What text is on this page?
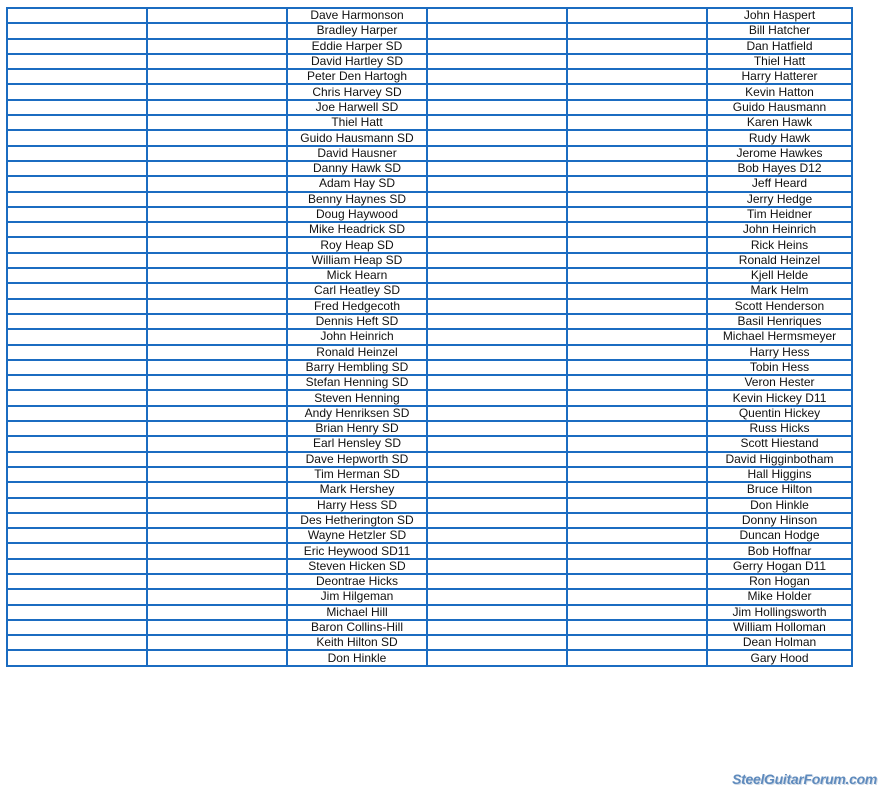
		Dave Harmonson			John Haspert
		Bradley Harper			Bill Hatcher
		Eddie Harper SD			Dan Hatfield
		David Hartley SD			Thiel Hatt
		Peter Den Hartogh			Harry Hatterer
		Chris Harvey SD			Kevin Hatton
		Joe Harwell SD			Guido Hausmann
		Thiel Hatt			Karen Hawk
		Guido Hausmann SD			Rudy Hawk
		David Hausner			Jerome Hawkes
		Danny Hawk SD			Bob Hayes D12
		Adam Hay SD			Jeff Heard
		Benny Haynes SD			Jerry Hedge
		Doug Haywood			Tim Heidner
		Mike Headrick SD			John Heinrich
		Roy Heap SD			Rick Heins
		William Heap SD			Ronald Heinzel
		Mick Hearn			Kjell Helde
		Carl Heatley SD			Mark Helm
		Fred Hedgecoth			Scott Henderson
		Dennis Heft SD			Basil Henriques
		John Heinrich			Michael Hermsmeyer
		Ronald Heinzel			Harry Hess
		Barry Hembling SD			Tobin Hess
		Stefan Henning SD			Veron Hester
		Steven Henning			Kevin Hickey D11
		Andy Henriksen SD			Quentin Hickey
		Brian Henry SD			Russ Hicks
		Earl Hensley SD			Scott Hiestand
		Dave Hepworth SD			David Higginbotham
		Tim Herman SD			Hall Higgins
		Mark Hershey			Bruce Hilton
		Harry Hess SD			Don Hinkle
		Des Hetherington SD			Donny Hinson
		Wayne Hetzler SD			Duncan Hodge
		Eric Heywood SD11			Bob Hoffnar
		Steven Hicken SD			Gerry Hogan D11
		Deontrae Hicks			Ron Hogan
		Jim Hilgeman			Mike Holder
		Michael Hill			Jim Hollingsworth
		Baron Collins-Hill			William Holloman
		Keith Hilton SD			Dean Holman
		Don Hinkle			Gary Hood
SteelGuitarForum.com
